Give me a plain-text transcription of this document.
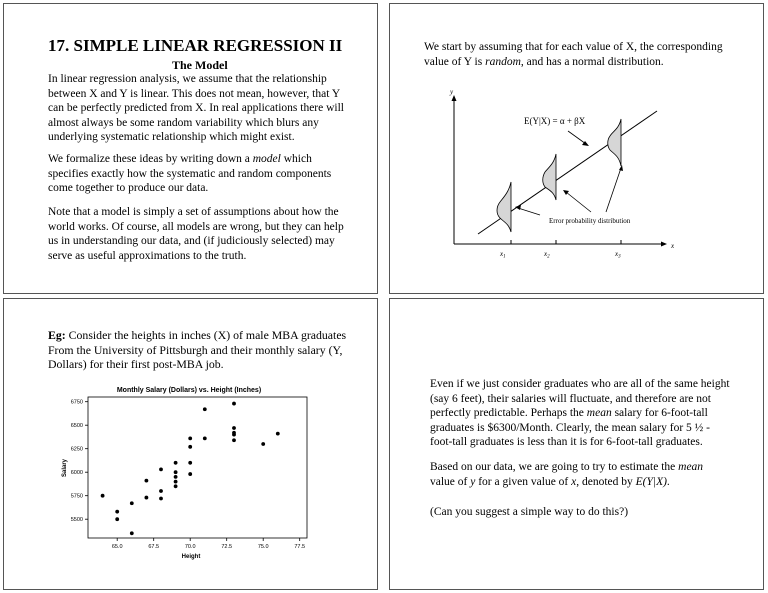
17. SIMPLE LINEAR REGRESSION II
The Model
In linear regression analysis, we assume that the relationship between X and Y is linear. This does not mean, however, that Y can be perfectly predicted from X. In real applications there will almost always be some random variability which blurs any underlying systematic relationship which might exist.
We formalize these ideas by writing down a model which specifies exactly how the systematic and random components come together to produce our data.
Note that a model is simply a set of assumptions about how the world works. Of course, all models are wrong, but they can help us in understanding our data, and (if judiciously selected) may serve as useful approximations to the truth.
We start by assuming that for each value of X, the corresponding value of Y is random, and has a normal distribution.
y
x
$x_1$	$x_2$	$x_3$
E(Y|X) = α + βX
Error probability distribution
Eg: Consider the heights in inches (X) of male MBA graduates From the University of Pittsburgh and their monthly salary (Y, Dollars) for their first post-MBA job.
Monthly Salary (Dollars) vs. Height (Inches)
5500
5750
6000
6250
6500
6750
65.0	67.5	70.0	72.5	75.0	77.5
Height
Salary
Even if we just consider graduates who are all of the same height (say 6 feet), their salaries will fluctuate, and therefore are not perfectly predictable. Perhaps the mean salary for 6-foot-tall graduates is $6300/Month. Clearly, the mean salary for 5 ½ -foot-tall graduates is less than it is for 6-foot-tall graduates.
Based on our data, we are going to try to estimate the mean value of y for a given value of x, denoted by E(Y|X).
(Can you suggest a simple way to do this?)
